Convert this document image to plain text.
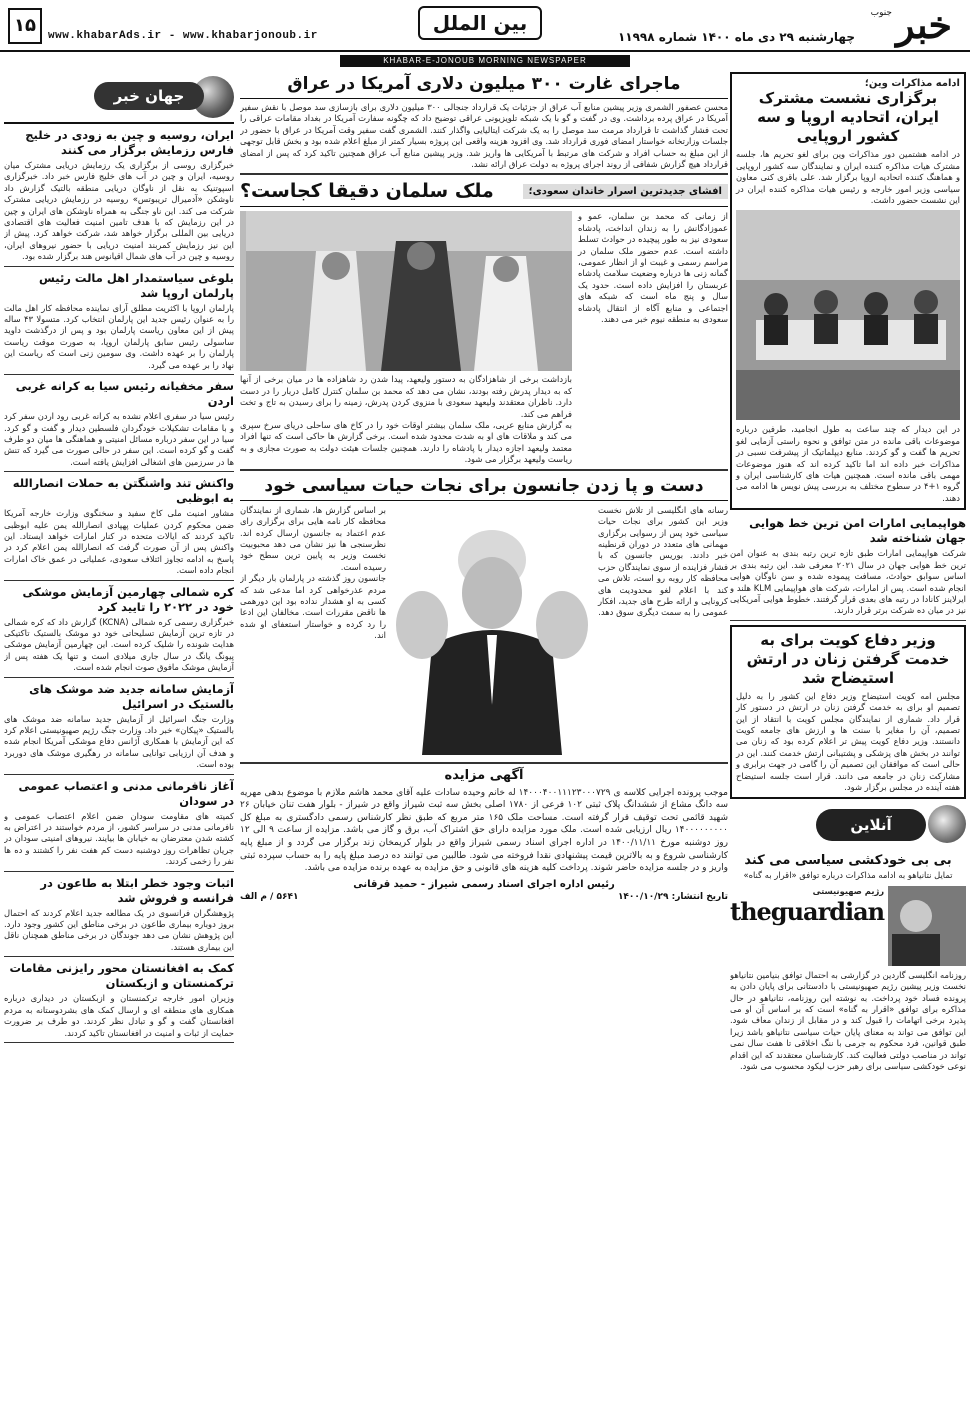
۱۵	www.khabarAds.ir - www.khabarjonoub.ir
بین الملل
چهارشنبه ۲۹ دی ماه ۱۴۰۰ شماره ۱۱۹۹۸ خبر
جنوب
KHABAR-E-JONOUB MORNING NEWSPAPER
ادامه مذاکرات وین؛
برگزاری نشست مشترک ایران، اتحادیه اروپا و سه کشور اروپایی
در ادامه هشتمین دور مذاکرات وین برای لغو تحریم ها، جلسه مشترک هیات مذاکره کننده ایران و نمایندگان سه کشور اروپایی و هماهنگ کننده اتحادیه اروپا برگزار شد. علی باقری کنی معاون سیاسی وزیر امور خارجه و رئیس هیات مذاکره کننده ایران در این نشست حضور داشت.
در این دیدار که چند ساعت به طول انجامید، طرفین درباره موضوعات باقی مانده در متن توافق و نحوه راستی آزمایی لغو تحریم ها گفت و گو کردند. منابع دیپلماتیک از پیشرفت نسبی در مذاکرات خبر داده اند اما تاکید کرده اند که هنوز موضوعات مهمی باقی مانده است. همچنین هیات های کارشناسی ایران و گروه ۱+۴ در سطوح مختلف به بررسی پیش نویس ها ادامه می دهند.
هواپیمایی امارات امن ترین خط هوایی جهان شناخته شد
شرکت هواپیمایی امارات طبق تازه ترین رتبه بندی به عنوان امن ترین خط هوایی جهان در سال ۲۰۲۱ معرفی شد. این رتبه بندی بر اساس سوابق حوادث، مسافت پیموده شده و سن ناوگان هوایی انجام شده است. پس از امارات، شرکت های هواپیمایی KLM هلند و ایرلاینز کانادا در رتبه های بعدی قرار گرفتند. خطوط هوایی آمریکایی نیز در میان ده شرکت برتر قرار دارند.
وزیر دفاع کویت برای به خدمت گرفتن زنان در ارتش استیضاح شد
مجلس امه کویت استیضاح وزیر دفاع این کشور را به دلیل تصمیم او برای به خدمت گرفتن زنان در ارتش در دستور کار قرار داد. شماری از نمایندگان مجلس کویت با انتقاد از این تصمیم، آن را مغایر با سنت ها و ارزش های جامعه کویت دانستند. وزیر دفاع کویت پیش تر اعلام کرده بود که زنان می توانند در بخش های پزشکی و پشتیبانی ارتش خدمت کنند. این در حالی است که موافقان این تصمیم آن را گامی در جهت برابری و مشارکت زنان در جامعه می دانند. قرار است جلسه استیضاح هفته آینده در مجلس برگزار شود.
آنلاین
بی بی خودکشی سیاسی می کند
تمایل نتانیاهو به ادامه مذاکرات درباره توافق «اقرار به گناه»
رژیم صهیونیستی
theguardian
روزنامه انگلیسی گاردین در گزارشی به احتمال توافق بنیامین نتانیاهو نخست وزیر پیشین رژیم صهیونیستی با دادستانی برای پایان دادن به پرونده فساد خود پرداخت. به نوشته این روزنامه، نتانیاهو در حال مذاکره برای توافق «اقرار به گناه» است که بر اساس آن او می پذیرد برخی اتهامات را قبول کند و در مقابل از زندان معاف شود. این توافق می تواند به معنای پایان حیات سیاسی نتانیاهو باشد زیرا طبق قوانین، فرد محکوم به جرمی با ننگ اخلاقی تا هفت سال نمی تواند در مناصب دولتی فعالیت کند. کارشناسان معتقدند که این اقدام نوعی خودکشی سیاسی برای رهبر حزب لیکود محسوب می شود.
ماجرای غارت ۳۰۰ میلیون دلاری آمریکا در عراق
محسن عصفور الشمری وزیر پیشین منابع آب عراق از جزئیات یک قرارداد جنجالی ۳۰۰ میلیون دلاری برای بازسازی سد موصل با نقش سفیر آمریکا در عراق پرده برداشت. وی در گفت و گو با یک شبکه تلویزیونی عراقی توضیح داد که چگونه سفارت آمریکا در بغداد مقامات عراقی را تحت فشار گذاشت تا قرارداد مرمت سد موصل را به یک شرکت ایتالیایی واگذار کنند. الشمری گفت سفیر وقت آمریکا در عراق با حضور در جلسات وزارتخانه خواستار امضای فوری قرارداد شد. وی افزود هزینه واقعی این پروژه بسیار کمتر از مبلغ اعلام شده بود و بخش قابل توجهی از این مبلغ به حساب افراد و شرکت های مرتبط با آمریکایی ها واریز شد. وزیر پیشین منابع آب عراق همچنین تاکید کرد که پس از امضای قرارداد هیچ گزارش شفافی از روند اجرای پروژه به دولت عراق ارائه نشد.
افشای جدیدترین اسرار خاندان سعودی؛
ملک سلمان دقیقا کجاست؟
از زمانی که محمد بن سلمان، عمو و عموزادگانش را به زندان انداخت، پادشاه سعودی نیز به طور پیچیده در حوادث تسلط داشته است. عدم حضور ملک سلمان در مراسم رسمی و غیبت او از انظار عمومی، گمانه زنی ها درباره وضعیت سلامت پادشاه عربستان را افزایش داده است. حدود یک سال و پنج ماه است که شبکه های اجتماعی و منابع آگاه از انتقال پادشاه سعودی به منطقه نیوم خبر می دهند.
بازداشت برخی از شاهزادگان به دستور ولیعهد، پیدا شدن رد شاهزاده ها در میان برخی از آنها که به دیدار پدرش رفته بودند، نشان می دهد که محمد بن سلمان کنترل کامل دربار را در دست دارد. ناظران معتقدند ولیعهد سعودی با منزوی کردن پدرش، زمینه را برای رسیدن به تاج و تخت فراهم می کند.
به گزارش منابع عربی، ملک سلمان بیشتر اوقات خود را در کاخ های ساحلی دریای سرخ سپری می کند و ملاقات های او به شدت محدود شده است. برخی گزارش ها حاکی است که تنها افراد معتمد ولیعهد اجازه دیدار با پادشاه را دارند. همچنین جلسات هیئت دولت به صورت مجازی و به ریاست ولیعهد برگزار می شود.
دست و پا زدن جانسون برای نجات حیات سیاسی خود
رسانه های انگلیسی از تلاش نخست وزیر این کشور برای نجات حیات سیاسی خود پس از رسوایی برگزاری مهمانی های متعدد در دوران قرنطینه خبر دادند. بوریس جانسون که با فشار فزاینده از سوی نمایندگان حزب محافظه کار روبه رو است، تلاش می کند با اعلام لغو محدودیت های کرونایی و ارائه طرح های جدید، افکار عمومی را به سمت دیگری سوق دهد.
بر اساس گزارش ها، شماری از نمایندگان محافظه کار نامه هایی برای برگزاری رای عدم اعتماد به جانسون ارسال کرده اند. نظرسنجی ها نیز نشان می دهد محبوبیت نخست وزیر به پایین ترین سطح خود رسیده است.
جانسون روز گذشته در پارلمان بار دیگر از مردم عذرخواهی کرد اما مدعی شد که کسی به او هشدار نداده بود این دورهمی ها ناقض مقررات است. مخالفان این ادعا را رد کرده و خواستار استعفای او شده اند.
آگهی مزایده
موجب پرونده اجرایی کلاسه ی ۱۴۰۰۰۴۰۰۱۱۱۲۳۰۰۰۷۲۹ له خانم وحیده سادات علیه آقای محمد هاشم ملازم با موضوع بدهی مهریه سه دانگ مشاع از ششدانگ پلاک ثبتی ۱۰۲ فرعی از ۱۷۸۰ اصلی بخش سه ثبت شیراز واقع در شیراز - بلوار هفت تنان خیابان ۲۶ شهید قائمی تحت توقیف قرار گرفته است. مساحت ملک ۱۶۵ متر مربع که طبق نظر کارشناس رسمی دادگستری به مبلغ کل ۱۴۰۰۰۰۰۰۰۰۰ ریال ارزیابی شده است. ملک مورد مزایده دارای حق اشتراک آب، برق و گاز می باشد. مزایده از ساعت ۹ الی ۱۲ روز دوشنبه مورخ ۱۴۰۰/۱۱/۱۱ در اداره اجرای اسناد رسمی شیراز واقع در بلوار کریمخان زند برگزار می گردد و از مبلغ پایه کارشناسی شروع و به بالاترین قیمت پیشنهادی نقدا فروخته می شود. طالبین می توانند ده درصد مبلغ پایه را به حساب سپرده ثبتی واریز و در جلسه مزایده حاضر شوند. پرداخت کلیه هزینه های قانونی و حق مزایده به عهده برنده مزایده می باشد.
رئیس اداره اجرای اسناد رسمی شیراز - حمید قرقانی
تاریخ انتشار: ۱۴۰۰/۱۰/۲۹
۵۶۴۱ / م الف
جهان خبر
ایران، روسیه و چین به زودی در خلیج فارس رزمایش برگزار می کنند
خبرگزاری روسی از برگزاری یک رزمایش دریایی مشترک میان روسیه، ایران و چین در آب های خلیج فارس خبر داد. خبرگزاری اسپوتنیک به نقل از ناوگان دریایی منطقه بالتیک گزارش داد ناوشکن «آدمیرال تریبوتس» روسیه در رزمایش دریایی مشترک شرکت می کند. این ناو جنگی به همراه ناوشکن های ایران و چین در این رزمایش که با هدف تامین امنیت فعالیت های اقتصادی دریایی بین المللی برگزار خواهد شد، شرکت خواهد کرد. پیش از این نیز رزمایش کمربند امنیت دریایی با حضور نیروهای ایران، روسیه و چین در آب های شمال اقیانوس هند برگزار شده بود.
بلوغی سیاستمدار اهل مالت رئیس پارلمان اروپا شد
پارلمان اروپا با اکثریت مطلق آرای نماینده محافظه کار اهل مالت را به عنوان رئیس جدید این پارلمان انتخاب کرد. متسولا ۴۳ ساله پیش از این معاون ریاست پارلمان بود و پس از درگذشت داوید ساسولی رئیس سابق پارلمان اروپا، به صورت موقت ریاست پارلمان را بر عهده داشت. وی سومین زنی است که ریاست این نهاد را بر عهده می گیرد.
سفر مخفیانه رئیس سیا به کرانه غربی اردن
رئیس سیا در سفری اعلام نشده به کرانه غربی رود اردن سفر کرد و با مقامات تشکیلات خودگردان فلسطین دیدار و گفت و گو کرد. سیا در این سفر درباره مسائل امنیتی و هماهنگی ها میان دو طرف گفت و گو کرده است. این سفر در حالی صورت می گیرد که تنش ها در سرزمین های اشغالی افزایش یافته است.
واکنش تند واشنگتن به حملات انصارالله به ابوظبی
مشاور امنیت ملی کاخ سفید و سخنگوی وزارت خارجه آمریکا ضمن محکوم کردن عملیات پهپادی انصارالله یمن علیه ابوظبی تاکید کردند که ایالات متحده در کنار امارات خواهد ایستاد. این واکنش پس از آن صورت گرفت که انصارالله یمن اعلام کرد در پاسخ به ادامه تجاوز ائتلاف سعودی، عملیاتی در عمق خاک امارات انجام داده است.
کره شمالی چهارمین آزمایش موشکی خود در ۲۰۲۲ را تایید کرد
خبرگزاری رسمی کره شمالی (KCNA) گزارش داد که کره شمالی در تازه ترین آزمایش تسلیحاتی خود دو موشک بالستیک تاکتیکی هدایت شونده را شلیک کرده است. این چهارمین آزمایش موشکی پیونگ یانگ در سال جاری میلادی است و تنها یک هفته پس از آزمایش موشک مافوق صوت انجام شده است.
آزمایش سامانه جدید ضد موشک های بالستیک در اسرائیل
وزارت جنگ اسرائیل از آزمایش جدید سامانه ضد موشک های بالستیک «پیکان» خبر داد. وزارت جنگ رژیم صهیونیستی اعلام کرد که این آزمایش با همکاری آژانس دفاع موشکی آمریکا انجام شده و هدف آن ارزیابی توانایی سامانه در رهگیری موشک های دوربرد بوده است.
آغاز نافرمانی مدنی و اعتصاب عمومی در سودان
کمیته های مقاومت سودان ضمن اعلام اعتصاب عمومی و نافرمانی مدنی در سراسر کشور، از مردم خواستند در اعتراض به کشته شدن معترضان به خیابان ها بیایند. نیروهای امنیتی سودان در جریان تظاهرات روز دوشنبه دست کم هفت نفر را کشتند و ده ها نفر را زخمی کردند.
اثبات وجود خطر ابتلا به طاعون در فرانسه و فروش شد
پژوهشگران فرانسوی در یک مطالعه جدید اعلام کردند که احتمال بروز دوباره بیماری طاعون در برخی مناطق این کشور وجود دارد. این پژوهش نشان می دهد جوندگان در برخی مناطق همچنان ناقل این بیماری هستند.
کمک به افغانستان محور رایزنی مقامات ترکمنستان و ازبکستان
وزیران امور خارجه ترکمنستان و ازبکستان در دیداری درباره همکاری های منطقه ای و ارسال کمک های بشردوستانه به مردم افغانستان گفت و گو و تبادل نظر کردند. دو طرف بر ضرورت حمایت از ثبات و امنیت در افغانستان تاکید کردند.
